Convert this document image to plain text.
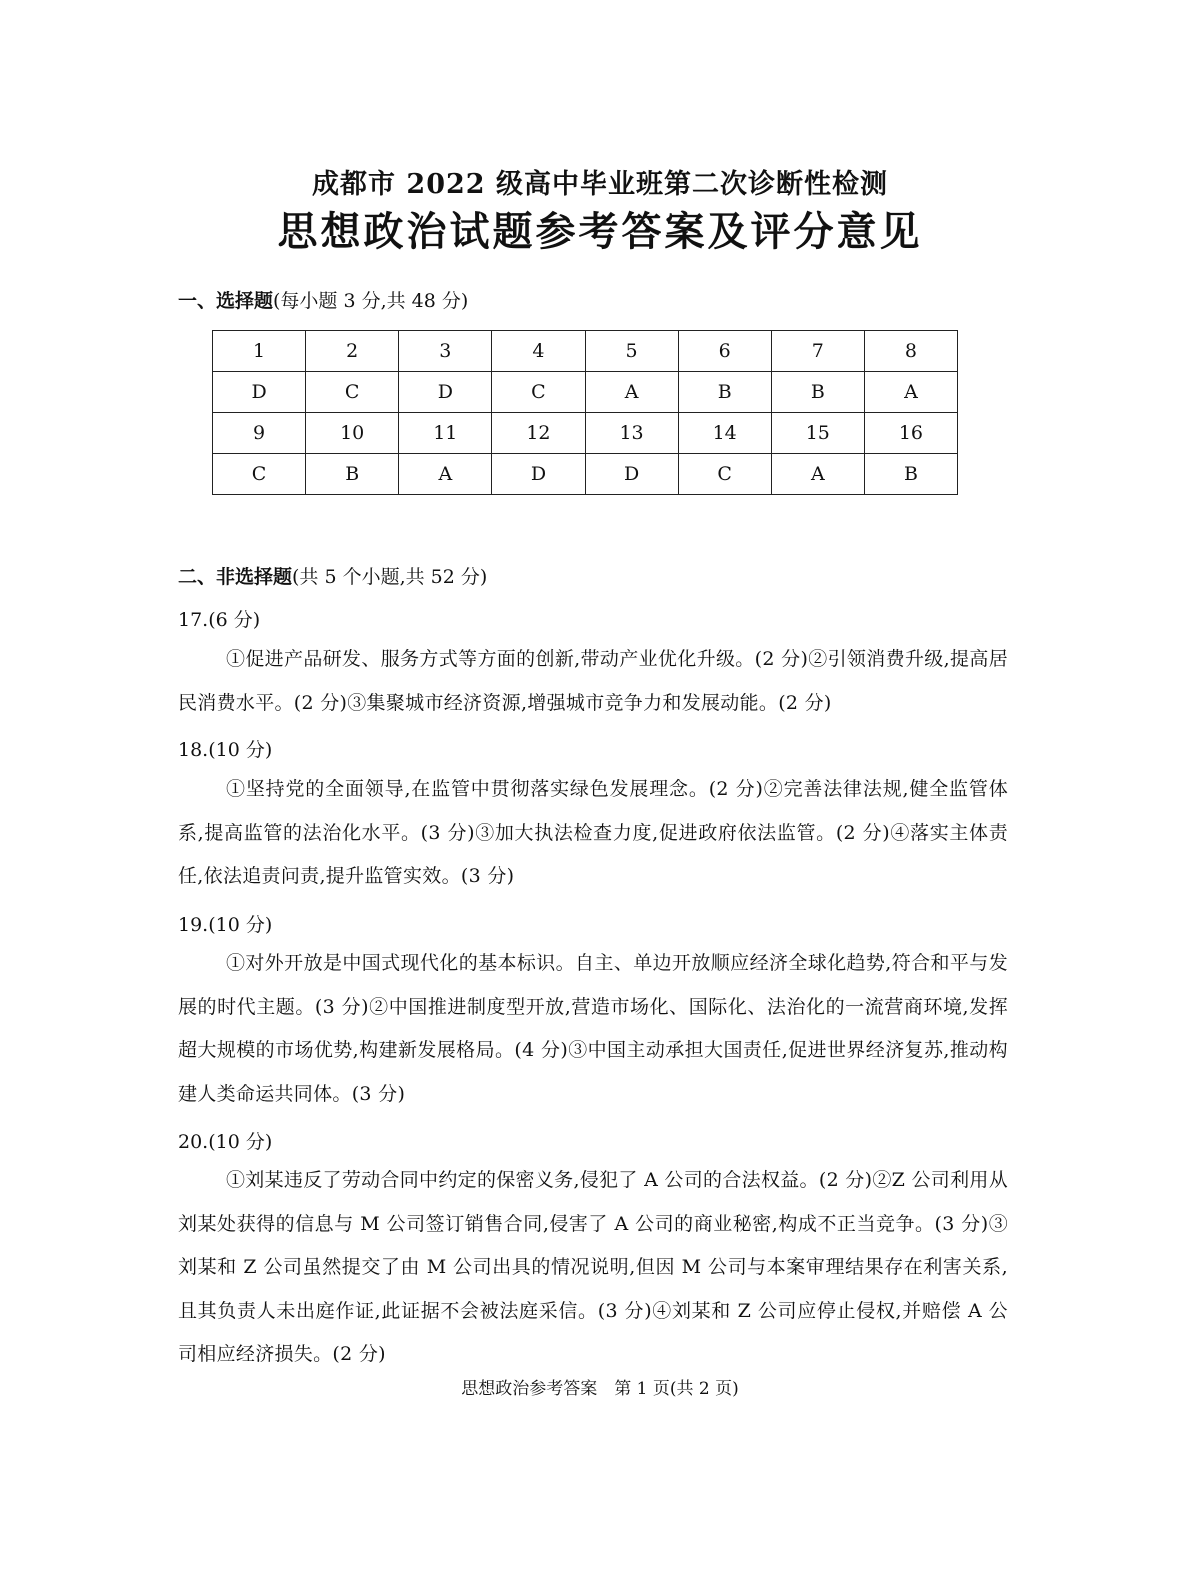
成都市 2022 级高中毕业班第二次诊断性检测
思想政治试题参考答案及评分意见
一、选择题(每小题 3 分,共 48 分)
1	2	3	4	5	6	7	8
D	C	D	C	A	B	B	A
9	10	11	12	13	14	15	16
C	B	A	D	D	C	A	B
二、非选择题(共 5 个小题,共 52 分)
17.(6 分)
①促进产品研发、服务方式等方面的创新,带动产业优化升级。(2 分)②引领消费升级,提高居民消费水平。(2 分)③集聚城市经济资源,增强城市竞争力和发展动能。(2 分)
18.(10 分)
①坚持党的全面领导,在监管中贯彻落实绿色发展理念。(2 分)②完善法律法规,健全监管体系,提高监管的法治化水平。(3 分)③加大执法检查力度,促进政府依法监管。(2 分)④落实主体责任,依法追责问责,提升监管实效。(3 分)
19.(10 分)
①对外开放是中国式现代化的基本标识。自主、单边开放顺应经济全球化趋势,符合和平与发展的时代主题。(3 分)②中国推进制度型开放,营造市场化、国际化、法治化的一流营商环境,发挥超大规模的市场优势,构建新发展格局。(4 分)③中国主动承担大国责任,促进世界经济复苏,推动构建人类命运共同体。(3 分)
20.(10 分)
①刘某违反了劳动合同中约定的保密义务,侵犯了 A 公司的合法权益。(2 分)②Z 公司利用从刘某处获得的信息与 M 公司签订销售合同,侵害了 A 公司的商业秘密,构成不正当竞争。(3 分)③刘某和 Z 公司虽然提交了由 M 公司出具的情况说明,但因 M 公司与本案审理结果存在利害关系,且其负责人未出庭作证,此证据不会被法庭采信。(3 分)④刘某和 Z 公司应停止侵权,并赔偿 A 公司相应经济损失。(2 分)
思想政治参考答案　第 1 页(共 2 页)
